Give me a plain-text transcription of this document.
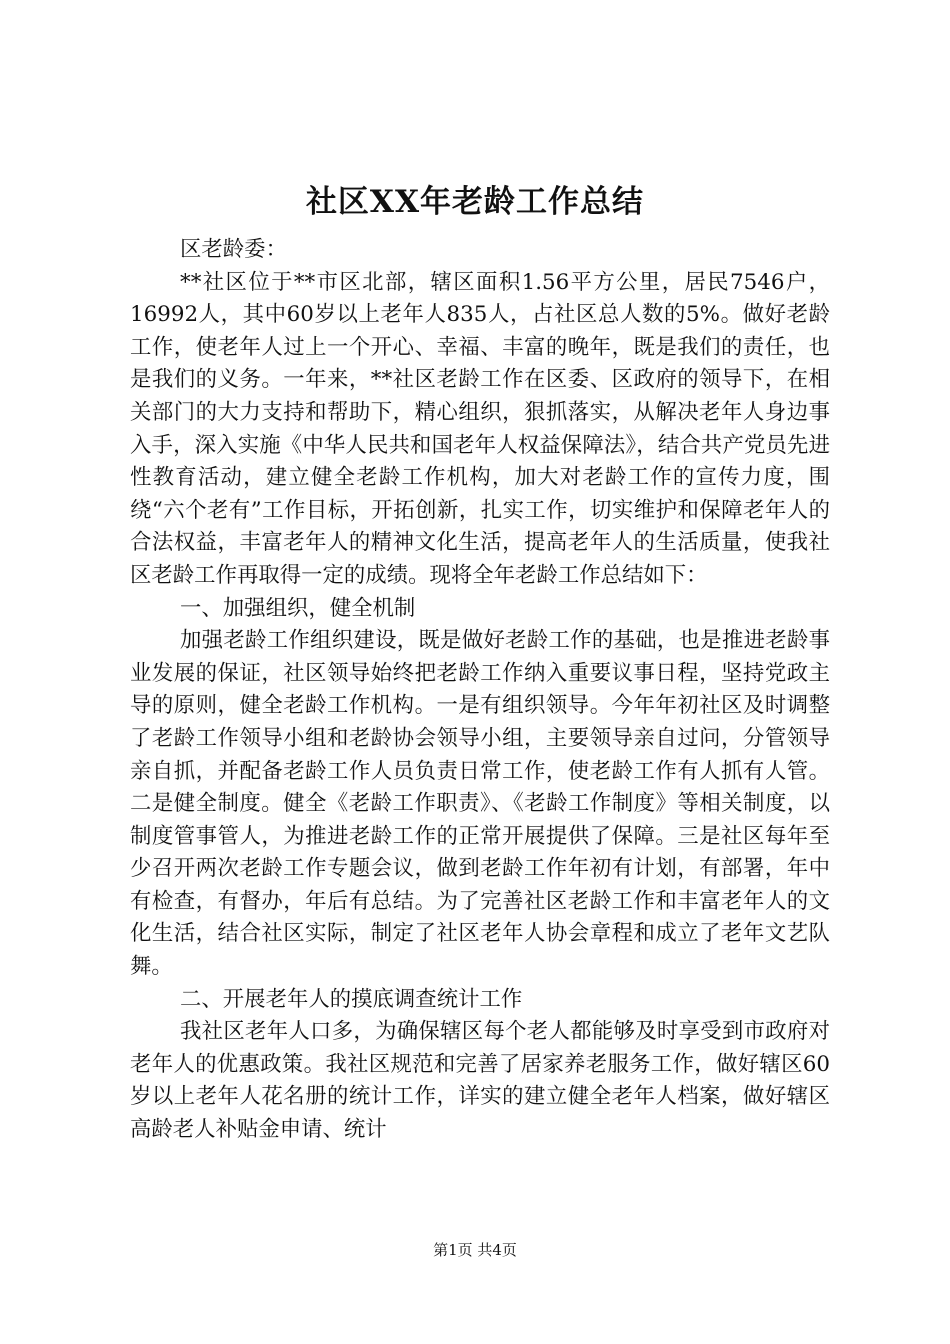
社区XX年老龄工作总结

区老龄委：

**社区位于**市区北部，辖区面积1.56平方公里，居民7546户，16992人，其中60岁以上老年人835人，占社区总人数的5%。做好老龄工作，使老年人过上一个开心、幸福、丰富的晚年，既是我们的责任，也是我们的义务。一年来，**社区老龄工作在区委、区政府的领导下，在相关部门的大力支持和帮助下，精心组织，狠抓落实，从解决老年人身边事入手，深入实施《中华人民共和国老年人权益保障法》，结合共产党员先进性教育活动，建立健全老龄工作机构，加大对老龄工作的宣传力度，围绕“六个老有”工作目标，开拓创新，扎实工作，切实维护和保障老年人的合法权益，丰富老年人的精神文化生活，提高老年人的生活质量，使我社区老龄工作再取得一定的成绩。现将全年老龄工作总结如下：

一、加强组织，健全机制

加强老龄工作组织建设，既是做好老龄工作的基础，也是推进老龄事业发展的保证，社区领导始终把老龄工作纳入重要议事日程，坚持党政主导的原则，健全老龄工作机构。一是有组织领导。今年年初社区及时调整了老龄工作领导小组和老龄协会领导小组，主要领导亲自过问，分管领导亲自抓，并配备老龄工作人员负责日常工作，使老龄工作有人抓有人管。二是健全制度。健全《老龄工作职责》、《老龄工作制度》等相关制度，以制度管事管人，为推进老龄工作的正常开展提供了保障。三是社区每年至少召开两次老龄工作专题会议，做到老龄工作年初有计划，有部署，年中有检查，有督办，年后有总结。为了完善社区老龄工作和丰富老年人的文化生活，结合社区实际，制定了社区老年人协会章程和成立了老年文艺队舞。

二、开展老年人的摸底调查统计工作

我社区老年人口多，为确保辖区每个老人都能够及时享受到市政府对老年人的优惠政策。我社区规范和完善了居家养老服务工作，做好辖区60岁以上老年人花名册的统计工作，详实的建立健全老年人档案，做好辖区高龄老人补贴金申请、统计

第1页 共4页
